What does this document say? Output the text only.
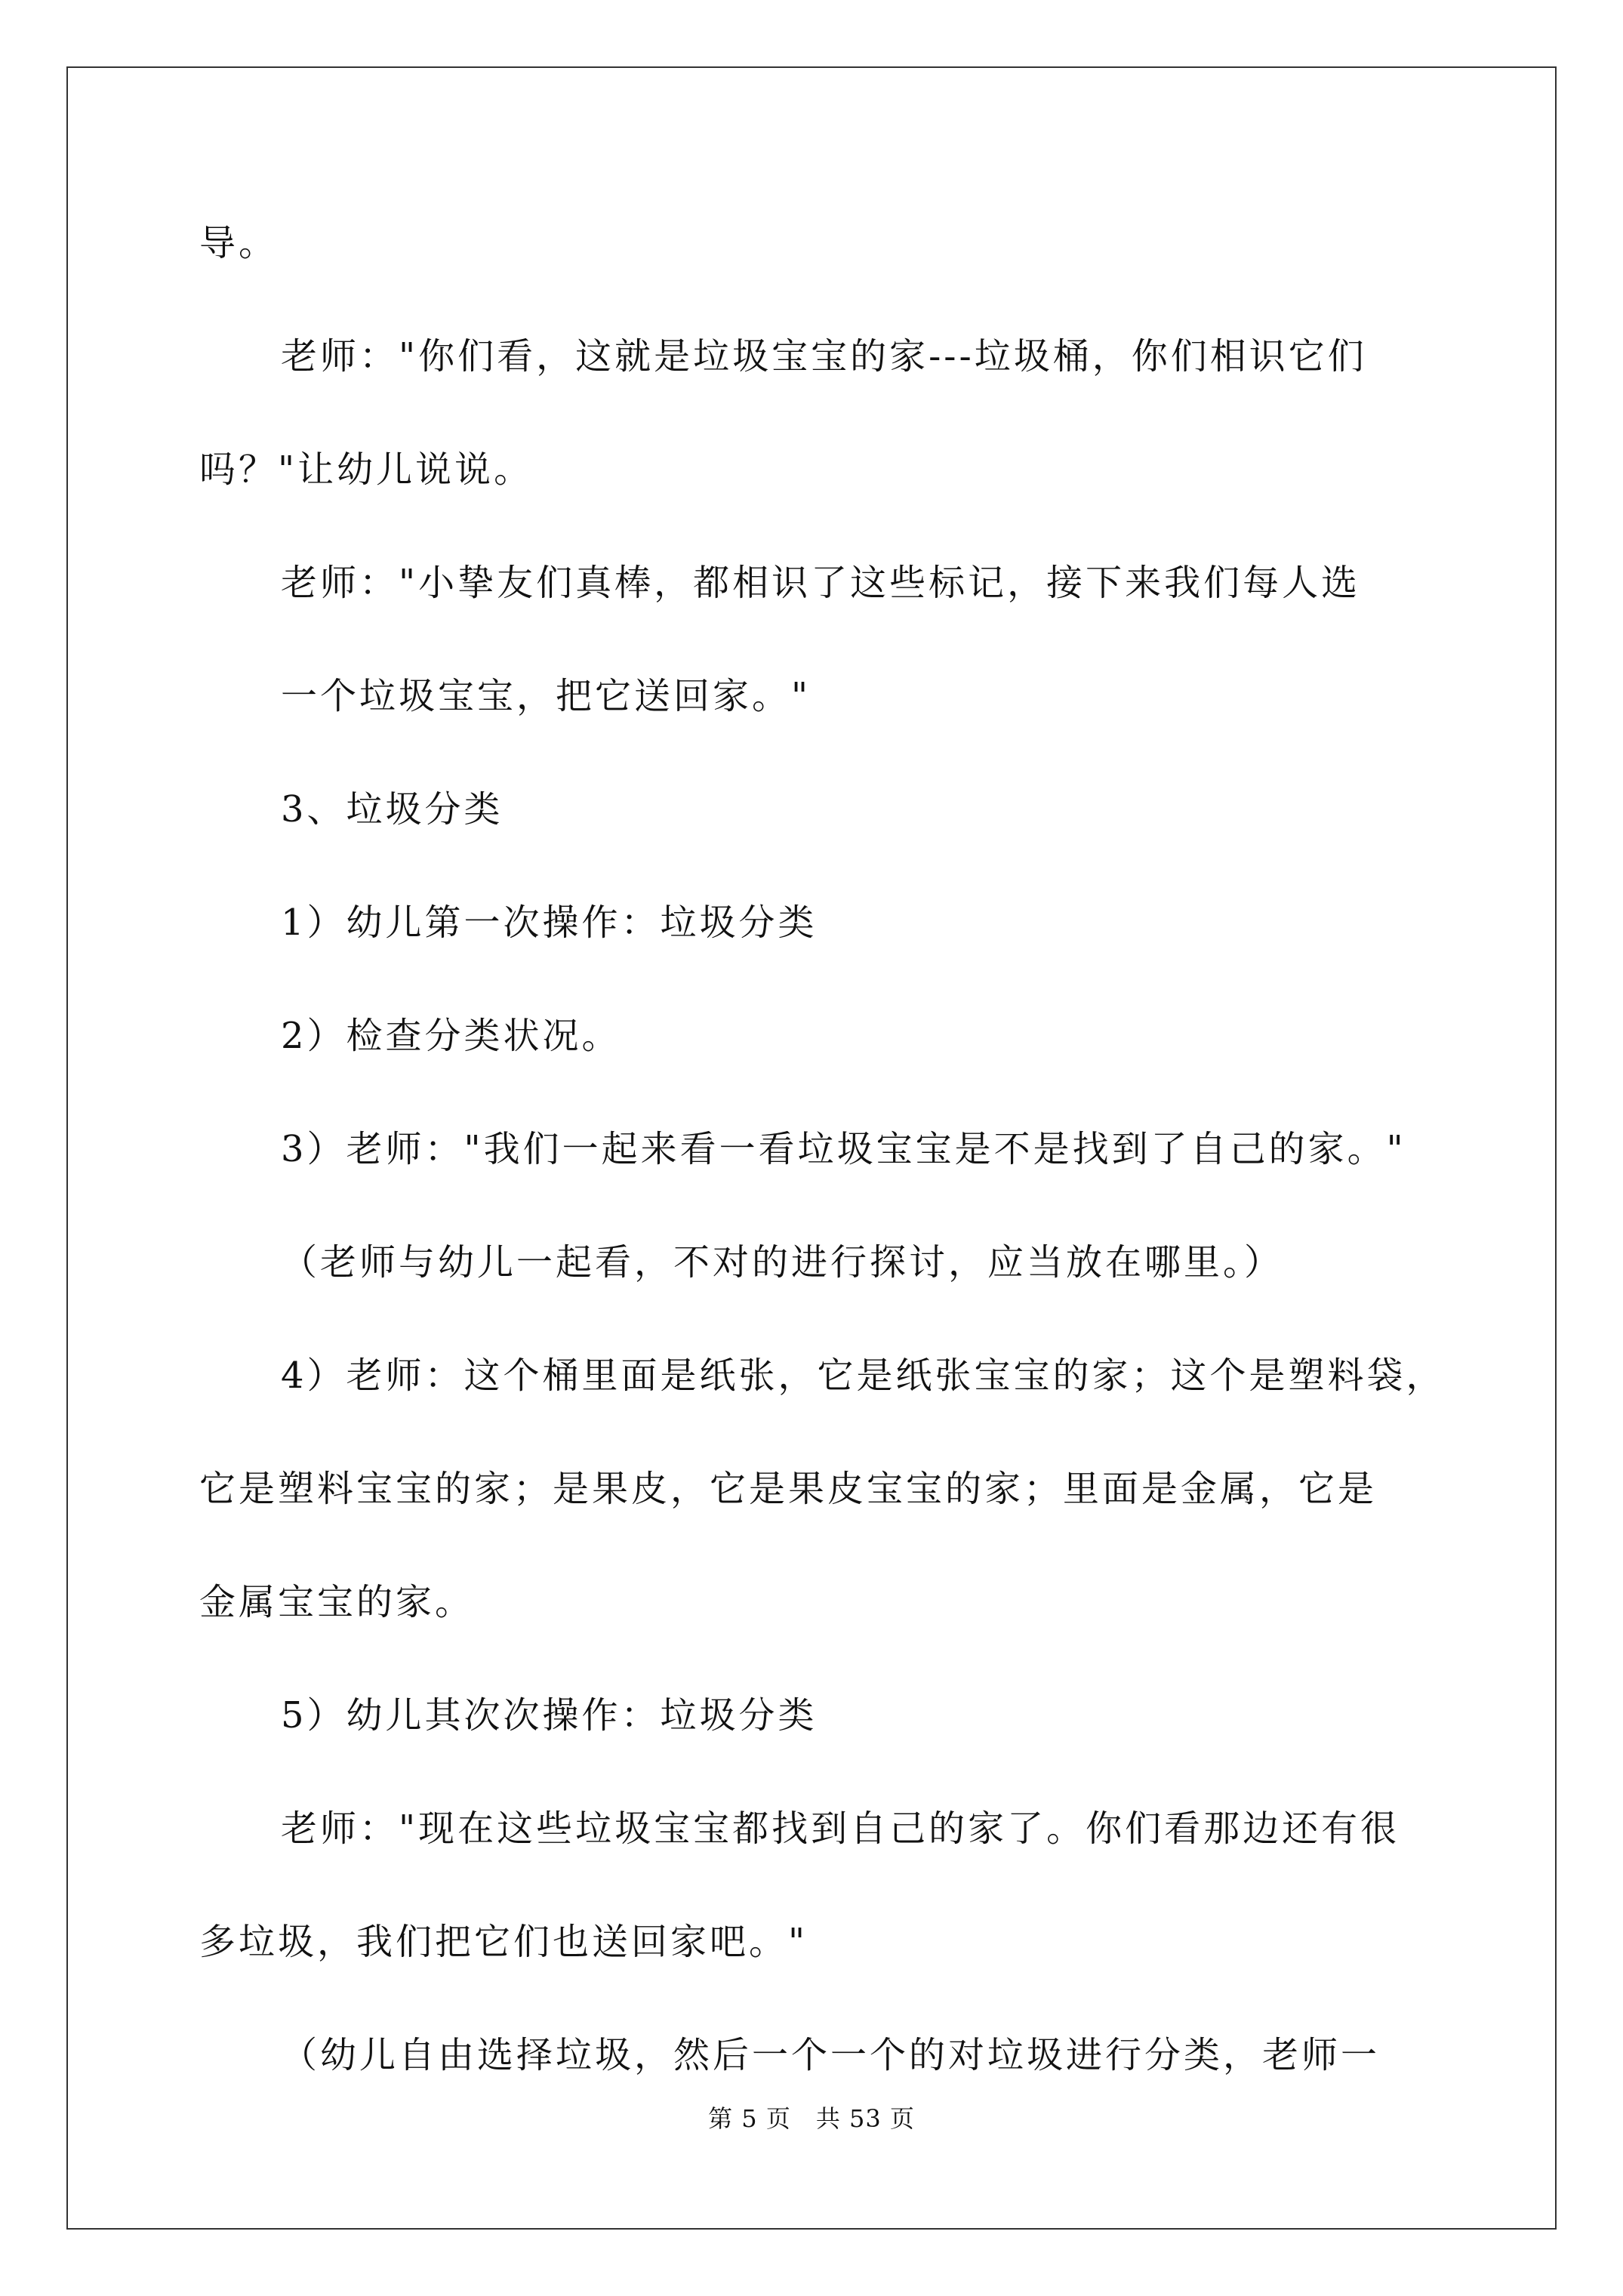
导。
老师："你们看，这就是垃圾宝宝的家---垃圾桶，你们相识它们
吗？"让幼儿说说。
老师："小挚友们真棒，都相识了这些标记，接下来我们每人选
一个垃圾宝宝，把它送回家。"
3、垃圾分类
1）幼儿第一次操作：垃圾分类
2）检查分类状况。
3）老师："我们一起来看一看垃圾宝宝是不是找到了自己的家。"
（老师与幼儿一起看，不对的进行探讨，应当放在哪里。）
4）老师：这个桶里面是纸张，它是纸张宝宝的家；这个是塑料袋，
它是塑料宝宝的家；是果皮，它是果皮宝宝的家；里面是金属，它是
金属宝宝的家。
5）幼儿其次次操作：垃圾分类
老师："现在这些垃圾宝宝都找到自己的家了。你们看那边还有很
多垃圾，我们把它们也送回家吧。"
（幼儿自由选择垃圾，然后一个一个的对垃圾进行分类，老师一
第 5 页　共 53 页
